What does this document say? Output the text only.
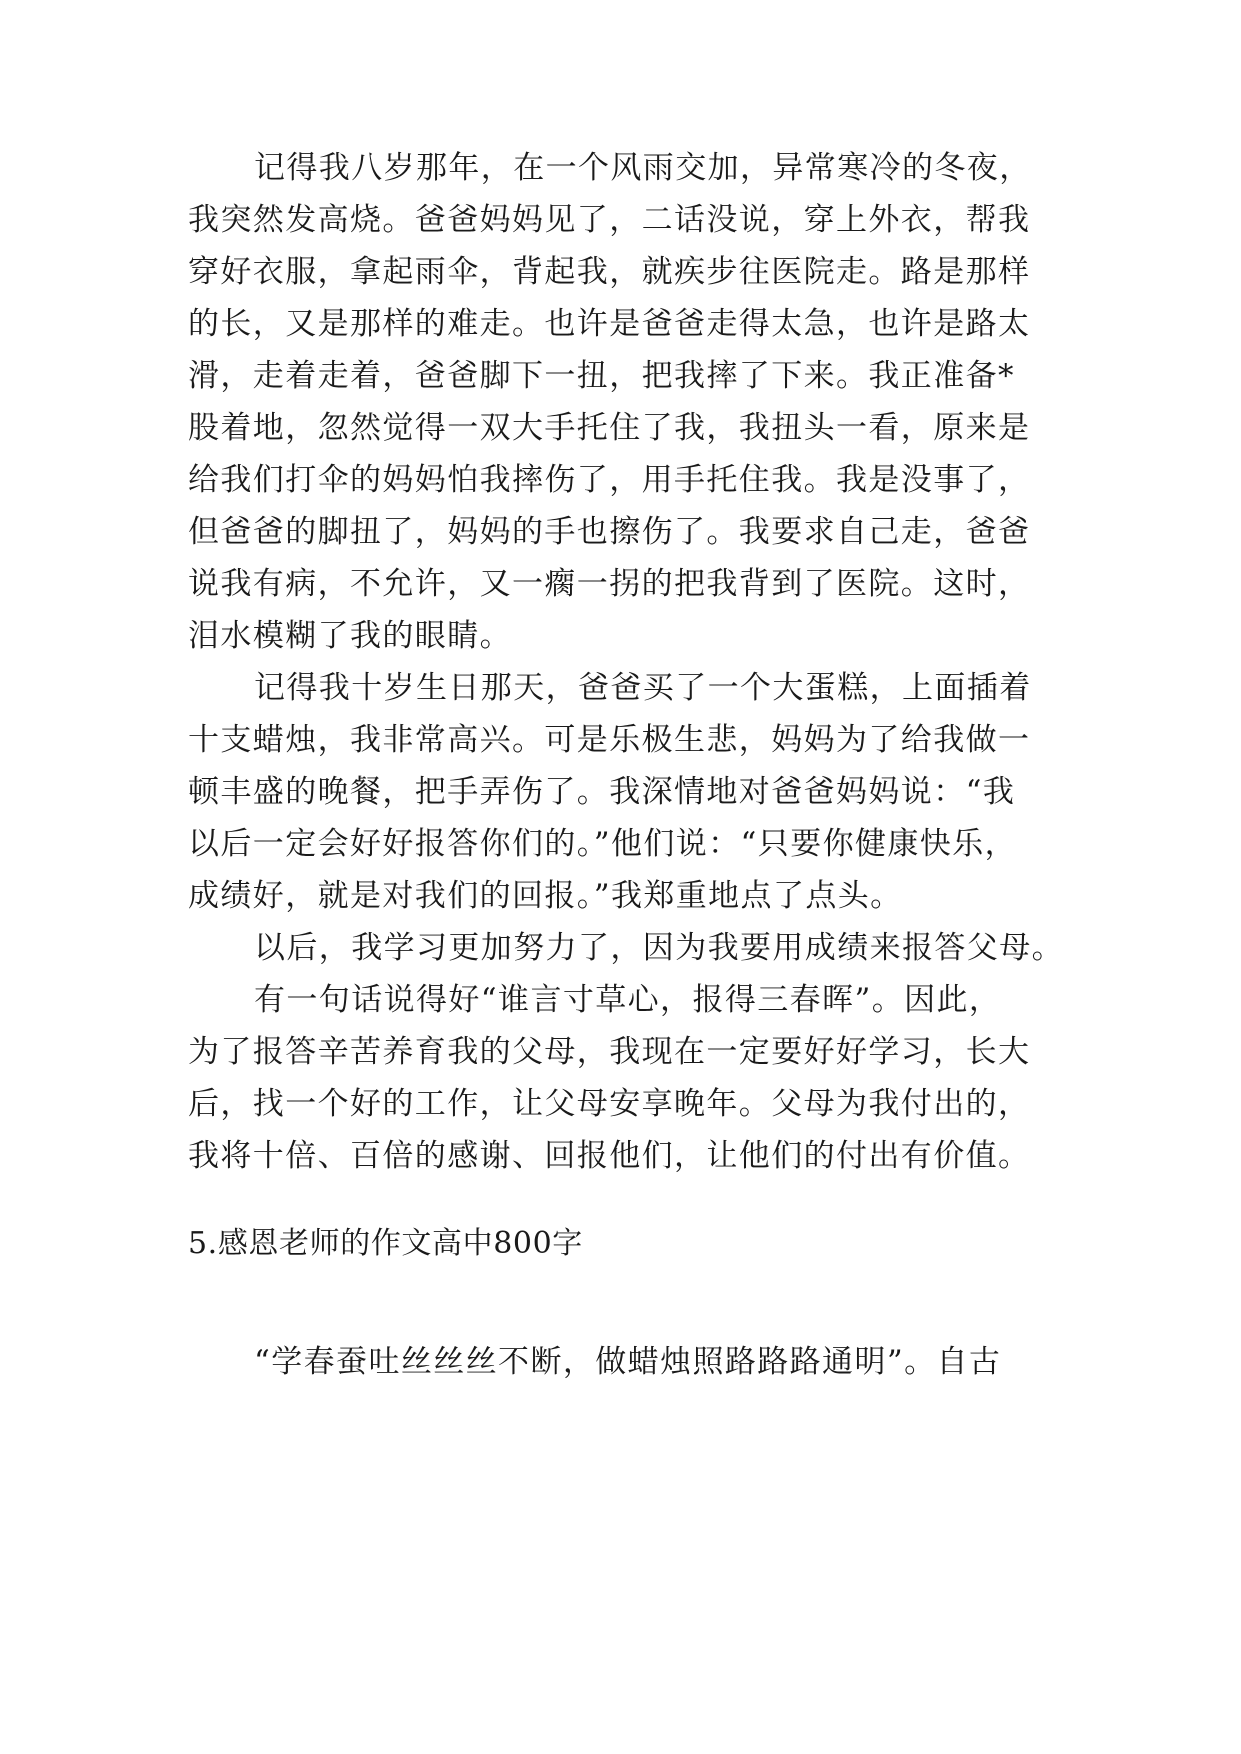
记得我八岁那年，在一个风雨交加，异常寒冷的冬夜，
我突然发高烧。爸爸妈妈见了，二话没说，穿上外衣，帮我
穿好衣服，拿起雨伞，背起我，就疾步往医院走。路是那样
的长，又是那样的难走。也许是爸爸走得太急，也许是路太
滑，走着走着，爸爸脚下一扭，把我摔了下来。我正准备*
股着地，忽然觉得一双大手托住了我，我扭头一看，原来是
给我们打伞的妈妈怕我摔伤了，用手托住我。我是没事了，
但爸爸的脚扭了，妈妈的手也擦伤了。我要求自己走，爸爸
说我有病，不允许，又一瘸一拐的把我背到了医院。这时，
泪水模糊了我的眼睛。
记得我十岁生日那天，爸爸买了一个大蛋糕，上面插着
十支蜡烛，我非常高兴。可是乐极生悲，妈妈为了给我做一
顿丰盛的晚餐，把手弄伤了。我深情地对爸爸妈妈说：“我
以后一定会好好报答你们的。”他们说：“只要你健康快乐，
成绩好，就是对我们的回报。”我郑重地点了点头。
以后，我学习更加努力了，因为我要用成绩来报答父母。
有一句话说得好“谁言寸草心，报得三春晖”。因此，
为了报答辛苦养育我的父母，我现在一定要好好学习，长大
后，找一个好的工作，让父母安享晚年。父母为我付出的，
我将十倍、百倍的感谢、回报他们，让他们的付出有价值。
5.感恩老师的作文高中800字
“学春蚕吐丝丝丝不断，做蜡烛照路路路通明”。自古
